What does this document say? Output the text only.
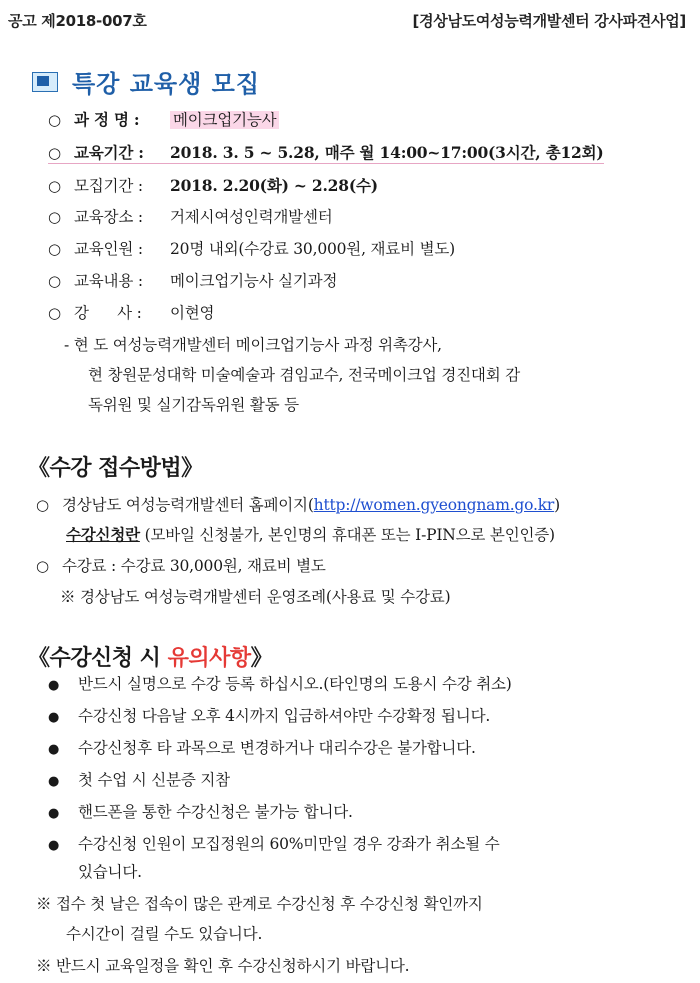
공고 제2018-007호	[경상남도여성능력개발센터 강사파견사업]
특강 교육생 모집
○ 과 정 명 : 메이크업기능사
○ 교육기간 : 2018. 3. 5 ~ 5.28, 매주 월 14:00~17:00(3시간, 총12회)
○ 모집기간 : 2018. 2.20(화) ~ 2.28(수)
○ 교육장소 : 거제시여성인력개발센터
○ 교육인원 : 20명 내외(수강료 30,000원, 재료비 별도)
○ 교육내용 : 메이크업기능사 실기과정
○ 강      사 : 이현영
- 현 도 여성능력개발센터 메이크업기능사 과정 위촉강사,
현 창원문성대학 미술예술과 겸임교수, 전국메이크업 경진대회 감
독위원 및 실기감독위원 활동 등
《수강 접수방법》
○ 경상남도 여성능력개발센터 홈페이지(http://women.gyeongnam.go.kr)
수강신청란 (모바일 신청불가, 본인명의 휴대폰 또는 I-PIN으로 본인인증)
○ 수강료 : 수강료 30,000원, 재료비 별도
※ 경상남도 여성능력개발센터 운영조례(사용료 및 수강료)
《수강신청 시 유의사항》
● 반드시 실명으로 수강 등록 하십시오.(타인명의 도용시 수강 취소)
● 수강신청 다음날 오후 4시까지 입금하셔야만 수강확정 됩니다.
● 수강신청후 타 과목으로 변경하거나 대리수강은 불가합니다.
● 첫 수업 시 신분증 지참
● 핸드폰을 통한 수강신청은 불가능 합니다.
● 수강신청 인원이 모집정원의 60%미만일 경우 강좌가 취소될 수
있습니다.
※ 접수 첫 날은 접속이 많은 관계로 수강신청 후 수강신청 확인까지
수시간이 걸릴 수도 있습니다.
※ 반드시 교육일정을 확인 후 수강신청하시기 바랍니다.
